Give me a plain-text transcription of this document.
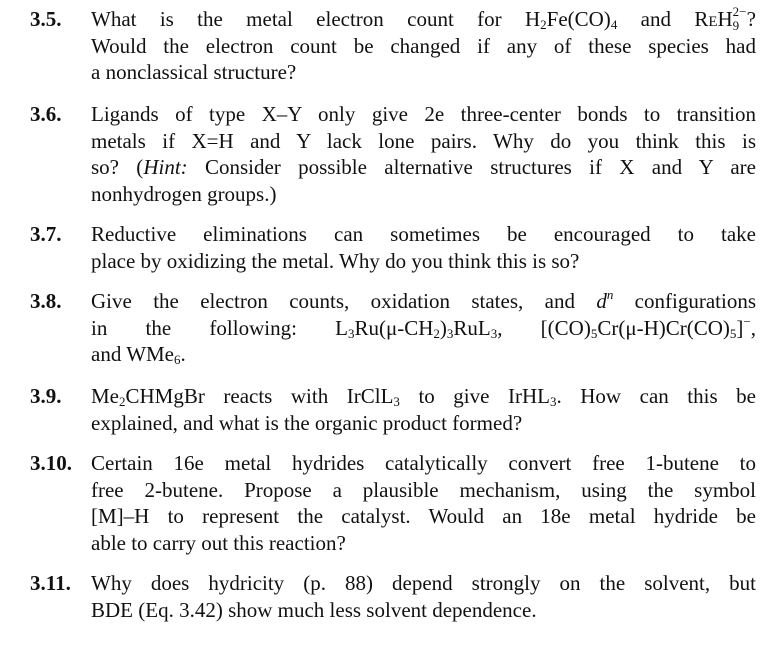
3.5. What is the metal electron count for $H_2Fe(CO)_4$ and ReH 2−
9 ?
Would the electron count be changed if any of these species had
a nonclassical structure?
3.6. Ligands of type X–Y only give 2e three-center bonds to transition
metals if X=H and Y lack lone pairs. Why do you think this is
so? (Hint: Consider possible alternative structures if X and Y are
nonhydrogen groups.)
3.7. Reductive eliminations can sometimes be encouraged to take
place by oxidizing the metal. Why do you think this is so?
3.8. Give the electron counts, oxidation states, and $d^n$ configurations
in the following: $L_3Ru(\mu-CH_2)_3RuL_3$, $[(CO)_5Cr(\mu-H)Cr(CO)_5]^-$,
and WMe$_6$.
3.9. $Me_2CHMgBr$ reacts with IrClL$_3$ to give IrHL$_3$. How can this be
explained, and what is the organic product formed?
3.10. Certain 16e metal hydrides catalytically convert free 1-butene to
free 2-butene. Propose a plausible mechanism, using the symbol
[M]–H to represent the catalyst. Would an 18e metal hydride be
able to carry out this reaction?
3.11. Why does hydricity (p. 88) depend strongly on the solvent, but
BDE (Eq. 3.42) show much less solvent dependence.
